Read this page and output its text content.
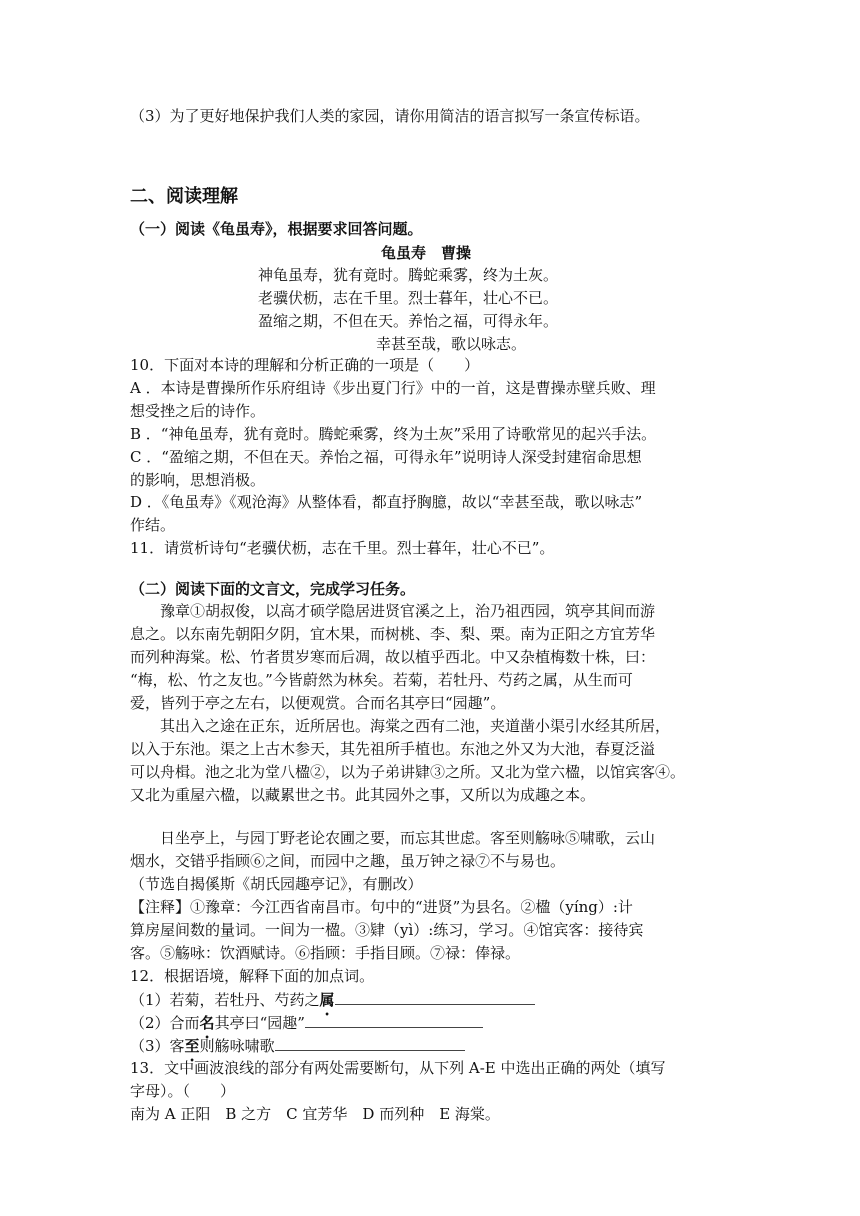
（3）为了更好地保护我们人类的家园，请你用简洁的语言拟写一条宣传标语。
二、阅读理解
（一）阅读《龟虽寿》，根据要求回答问题。
龟虽寿　曹操
神龟虽寿，犹有竟时。腾蛇乘雾，终为土灰。
老骥伏枥，志在千里。烈士暮年，壮心不已。
盈缩之期，不但在天。养怡之福，可得永年。
幸甚至哉，歌以咏志。
10．下面对本诗的理解和分析正确的一项是（　　）
A ．本诗是曹操所作乐府组诗《步出夏门行》中的一首，这是曹操赤壁兵败、理
想受挫之后的诗作。
B ．“神龟虽寿，犹有竟时。腾蛇乘雾，终为土灰”采用了诗歌常见的起兴手法。
C ．“盈缩之期，不但在天。养怡之福，可得永年”说明诗人深受封建宿命思想
的影响，思想消极。
D ．《龟虽寿》《观沧海》从整体看，都直抒胸臆，故以“幸甚至哉，歌以咏志”
作结。
11．请赏析诗句“老骥伏枥，志在千里。烈士暮年，壮心不已”。
（二）阅读下面的文言文，完成学习任务。
豫章①胡叔俊，以高才硕学隐居进贤官溪之上，治乃祖西园，筑亭其间而游
息之。以东南先朝阳夕阴，宜木果，而树桃、李、梨、栗。南为正阳之方宜芳华
而列种海棠。松、竹者贯岁寒而后凋，故以植乎西北。中又杂植梅数十株，曰：
“梅，松、竹之友也。”今皆蔚然为林矣。若菊，若牡丹、芍药之属，从生而可
爱，皆列于亭之左右，以便观赏。合而名其亭曰“园趣”。
其出入之途在正东，近所居也。海棠之西有二池，夹道凿小渠引水经其所居，
以入于东池。渠之上古木参天，其先祖所手植也。东池之外又为大池，春夏泛溢
可以舟楫。池之北为堂八楹②，以为子弟讲肄③之所。又北为堂六楹，以馆宾客④。
又北为重屋六楹，以藏累世之书。此其园外之事，又所以为成趣之本。
日坐亭上，与园丁野老论农圃之要，而忘其世虑。客至则觞咏⑤啸歌，云山
烟水，交错乎指顾⑥之间，而园中之趣，虽万钟之禄⑦不与易也。
（节选自揭傒斯《胡氏园趣亭记》，有删改）
【注释】①豫章：今江西省南昌市。句中的“进贤”为县名。②楹（yíng）:计
算房屋间数的量词。一间为一楹。③肄（yì）:练习，学习。④馆宾客：接待宾
客。⑤觞咏：饮酒赋诗。⑥指顾：手指目顾。⑦禄：俸禄。
12．根据语境，解释下面的加点词。
（1）若菊，若牡丹、芍药之属
（2）合而名其亭曰“园趣”
（3）客至则觞咏啸歌
13．文中画波浪线的部分有两处需要断句，从下列 A-E 中选出正确的两处（填写
字母）。（　　）
南为 A 正阳　B 之方　C 宜芳华　D 而列种　E 海棠。
